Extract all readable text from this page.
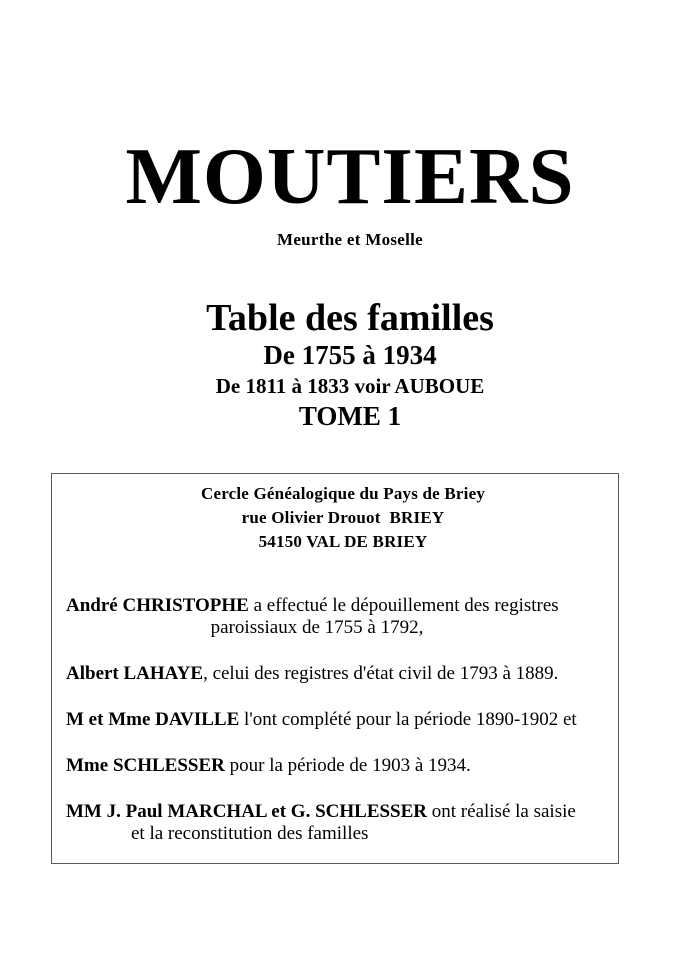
MOUTIERS
Meurthe et Moselle
Table des familles
De 1755 à 1934
De 1811 à 1833 voir AUBOUE
TOME 1
Cercle Généalogique du Pays de Briey
rue Olivier Drouot  BRIEY
54150 VAL DE BRIEY
André CHRISTOPHE a effectué le dépouillement des registres
paroissiaux de 1755 à 1792,
Albert LAHAYE, celui des registres d'état civil de 1793 à 1889.
M et Mme DAVILLE l'ont complété pour la période 1890-1902 et
Mme SCHLESSER pour la période de 1903 à 1934.
MM J. Paul MARCHAL et G. SCHLESSER ont réalisé la saisie
et la reconstitution des familles
